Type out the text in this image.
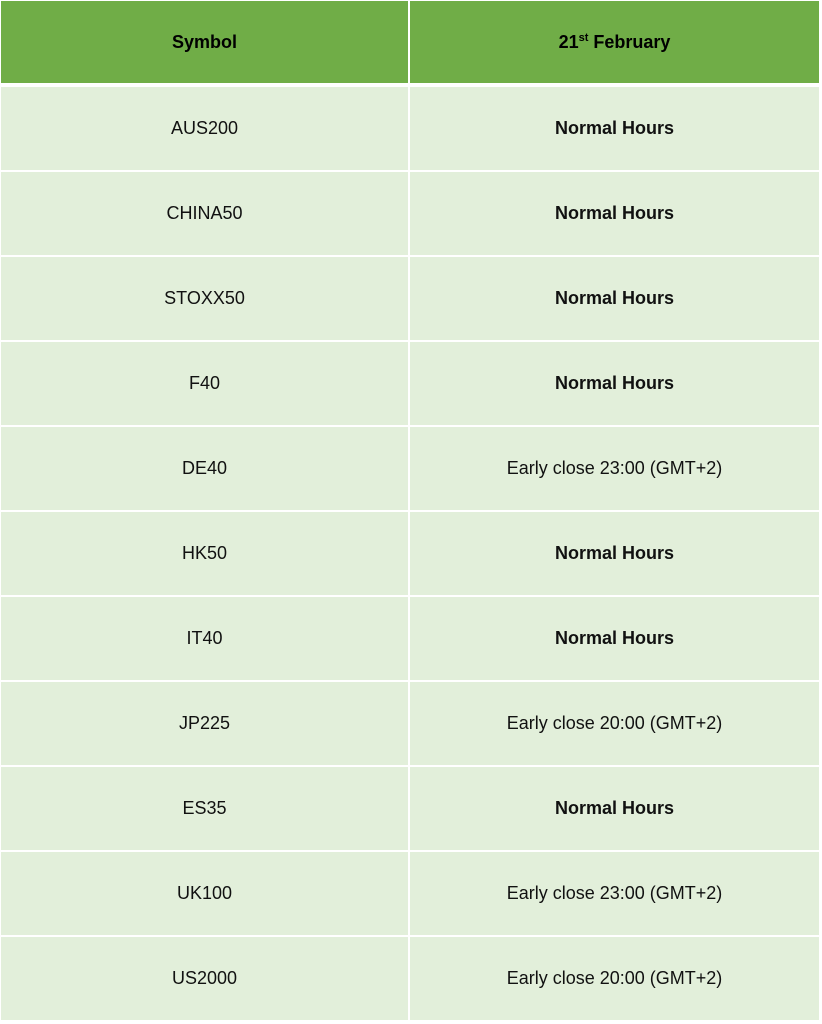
Symbol	21st February
AUS200	Normal Hours
CHINA50	Normal Hours
STOXX50	Normal Hours
F40	Normal Hours
DE40	Early close 23:00 (GMT+2)
HK50	Normal Hours
IT40	Normal Hours
JP225	Early close 20:00 (GMT+2)
ES35	Normal Hours
UK100	Early close 23:00 (GMT+2)
US2000	Early close 20:00 (GMT+2)
